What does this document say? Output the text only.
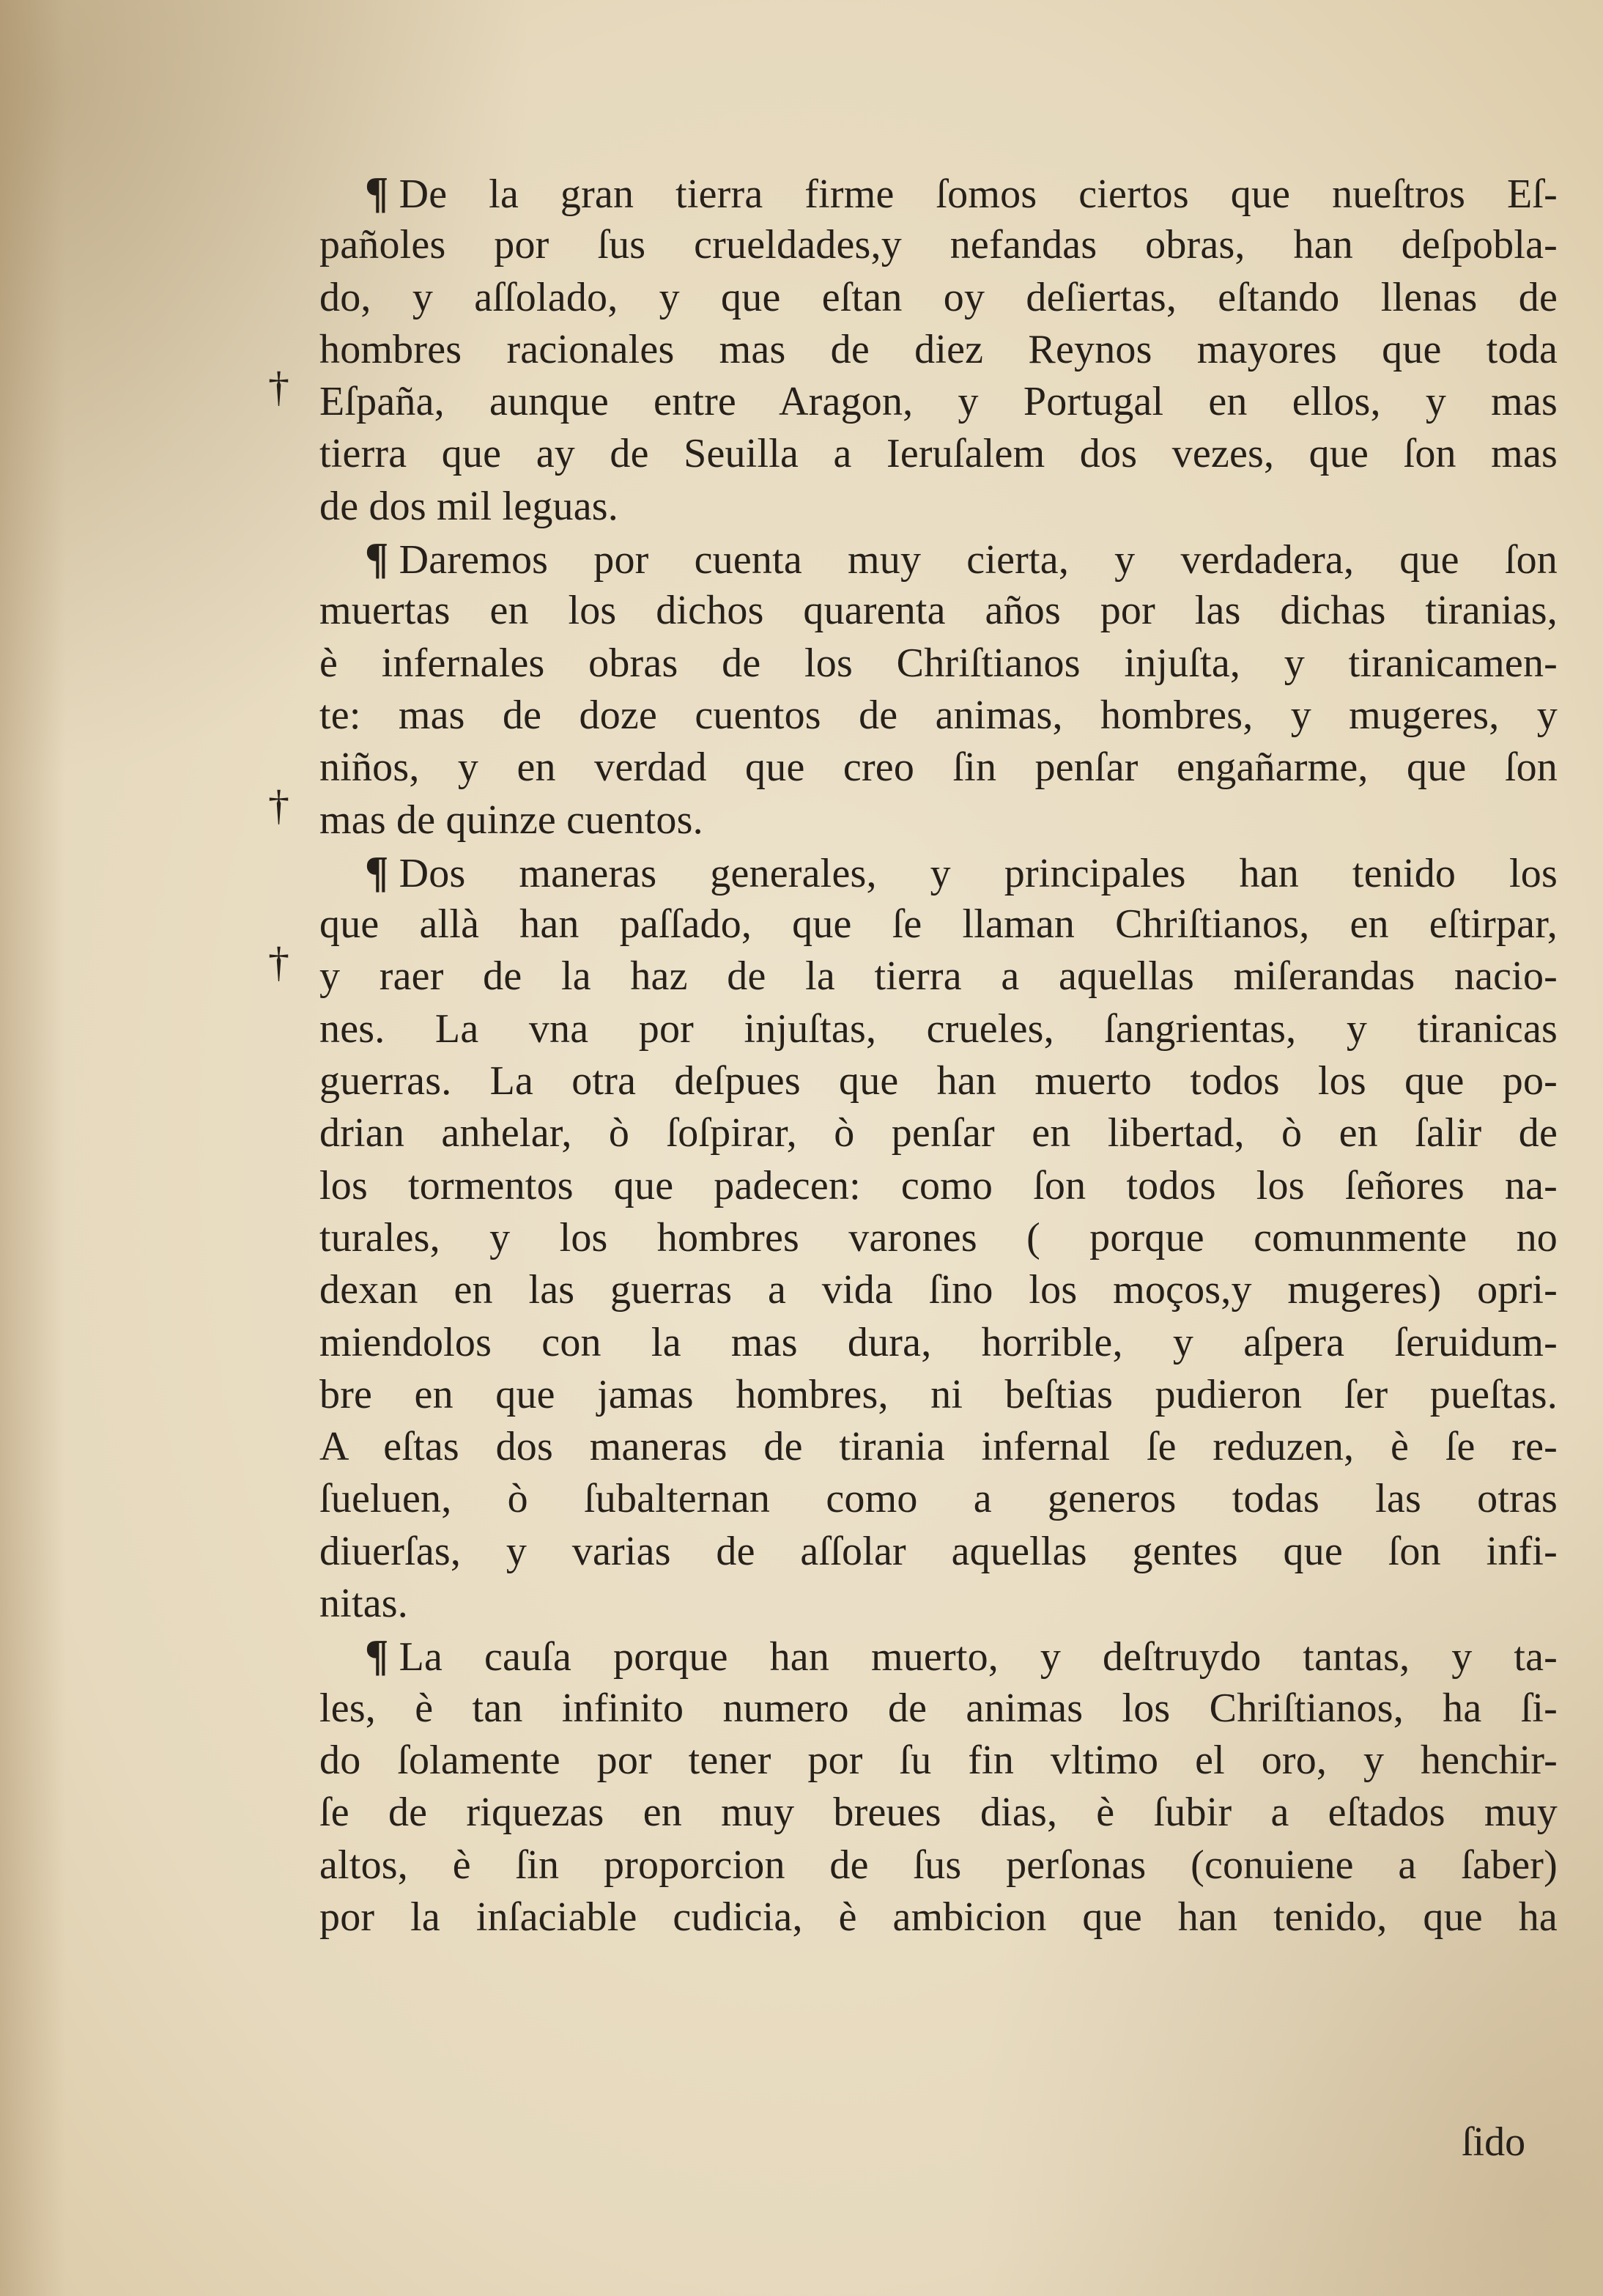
†
†
†
¶ De la gran tierra firme ſomos ciertos que nueſtros Eſ-
pañoles por ſus crueldades,y nefandas obras, han deſpobla-
do, y aſſolado, y que eſtan oy deſiertas, eſtando llenas de
hombres racionales mas de diez Reynos mayores que toda
Eſpaña, aunque entre Aragon, y Portugal en ellos, y mas
tierra que ay de Seuilla a Ieruſalem dos vezes, que ſon mas
de dos mil leguas.
¶ Daremos por cuenta muy cierta, y verdadera, que ſon
muertas en los dichos quarenta años por las dichas tiranias,
è infernales obras de los Chriſtianos injuſta, y tiranicamen-
te: mas de doze cuentos de animas, hombres, y mugeres, y
niños, y en verdad que creo ſin penſar engañarme, que ſon
mas de quinze cuentos.
¶ Dos maneras generales, y principales han tenido los
que allà han paſſado, que ſe llaman Chriſtianos, en eſtirpar,
y raer de la haz de la tierra a aquellas miſerandas nacio-
nes. La vna por injuſtas, crueles, ſangrientas, y tiranicas
guerras. La otra deſpues que han muerto todos los que po-
drian anhelar, ò ſoſpirar, ò penſar en libertad, ò en ſalir de
los tormentos que padecen: como ſon todos los ſeñores na-
turales, y los hombres varones ( porque comunmente no
dexan en las guerras a vida ſino los moços,y mugeres) opri-
miendolos con la mas dura, horrible, y aſpera ſeruidum-
bre en que jamas hombres, ni beſtias pudieron ſer pueſtas.
A eſtas dos maneras de tirania infernal ſe reduzen, è ſe re-
ſueluen, ò ſubalternan como a generos todas las otras
diuerſas, y varias de aſſolar aquellas gentes que ſon infi-
nitas.
¶ La cauſa porque han muerto, y deſtruydo tantas, y ta-
les, è tan infinito numero de animas los Chriſtianos, ha ſi-
do ſolamente por tener por ſu fin vltimo el oro, y henchir-
ſe de riquezas en muy breues dias, è ſubir a eſtados muy
altos, è ſin proporcion de ſus perſonas (conuiene a ſaber)
por la inſaciable cudicia, è ambicion que han tenido, que ha
ſido
